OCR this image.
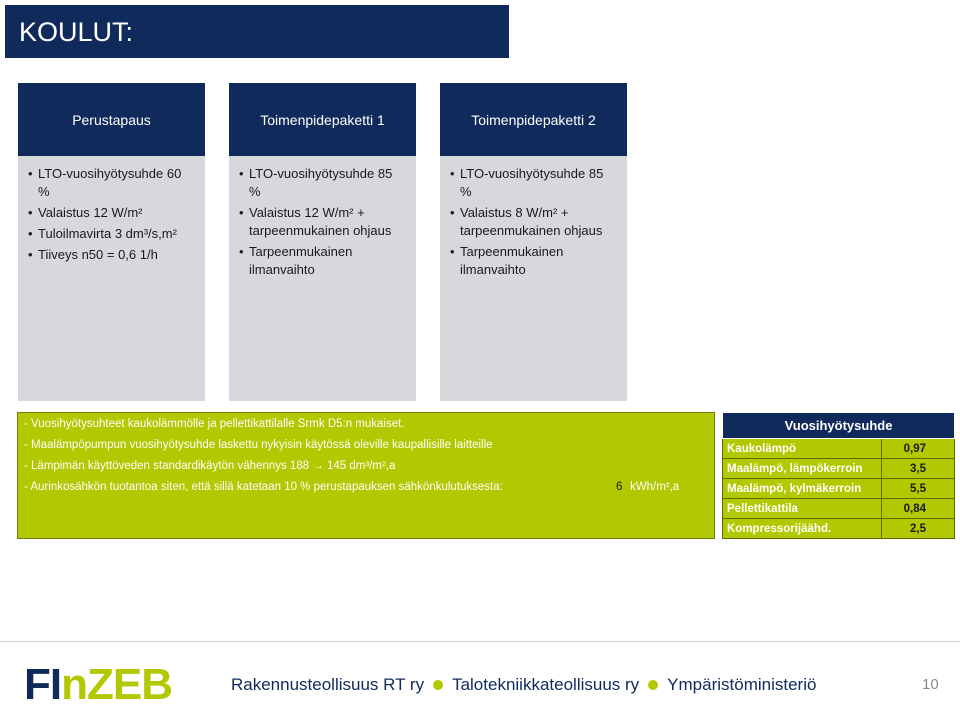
KOULUT:
Perustapaus
• LTO-vuosihyötysuhde 60 %
• Valaistus 12 W/m²
• Tuloilmavirta 3 dm³/s,m²
• Tiiveys n50 = 0,6 1/h
Toimenpidepaketti 1
• LTO-vuosihyötysuhde 85 %
• Valaistus 12 W/m² + tarpeenmukainen ohjaus
• Tarpeenmukainen ilmanvaihto
Toimenpidepaketti 2
• LTO-vuosihyötysuhde 85 %
• Valaistus 8 W/m² + tarpeenmukainen ohjaus
• Tarpeenmukainen ilmanvaihto
- Vuosihyötysuhteet kaukolämmölle ja pellettikattilalle Srmk D5:n mukaiset.
- Maalämpöpumpun vuosihyötysuhde laskettu nykyisin käytössä oleville kaupallisille laitteille
- Lämpimän käyttöveden standardikäytön vähennys 188 → 145 dm³/m²,a
- Aurinkosähkön tuotantoa siten, että sillä katetaan 10 % perustapauksen sähkönkulutuksesta:	6 kWh/m²,a
Vuosihyötysuhde	
Kaukolämpö	0,97
Maalämpö, lämpökerroin	3,5
Maalämpö, kylmäkerroin	5,5
Pellettikattila	0,84
Kompressorijäähd.	2,5
FInZEB	Rakennusteollisuus RT ry Talotekniikkateollisuus ry Ympäristöministeriö	10
